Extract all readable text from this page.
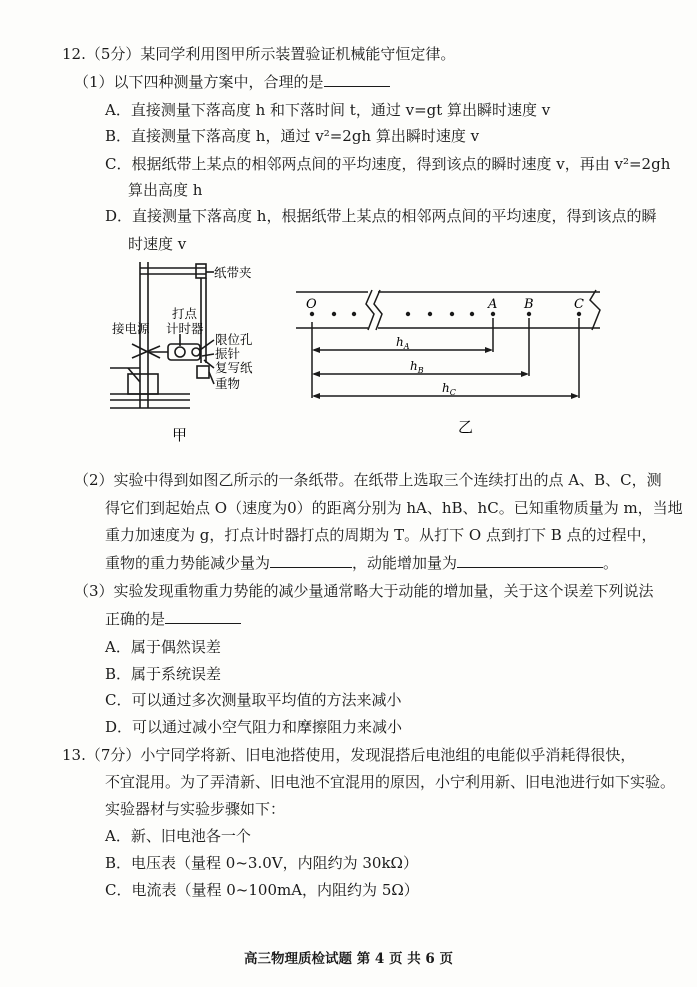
12.（5分）某同学利用图甲所示装置验证机械能守恒定律。
（1）以下四种测量方案中，合理的是
A．直接测量下落高度 h 和下落时间 t，通过 v=gt 算出瞬时速度 v
B．直接测量下落高度 h，通过 v²=2gh 算出瞬时速度 v
C．根据纸带上某点的相邻两点间的平均速度，得到该点的瞬时速度 v，再由 v²=2gh
算出高度 h
D．直接测量下落高度 h，根据纸带上某点的相邻两点间的平均速度，得到该点的瞬
时速度 v
纸带夹
打点
计时器
接电源
限位孔
振针
复写纸
重物
甲
O	A B	C
$h_A$
$h_B$
$h_C$
乙
（2）实验中得到如图乙所示的一条纸带。在纸带上选取三个连续打出的点 A、B、C，测
得它们到起始点 O（速度为0）的距离分别为 hA、hB、hC。已知重物质量为 m，当地
重力加速度为 g，打点计时器打点的周期为 T。从打下 O 点到打下 B 点的过程中，
重物的重力势能减少量为	，动能增加量为	。
（3）实验发现重物重力势能的减少量通常略大于动能的增加量，关于这个误差下列说法
正确的是
A．属于偶然误差
B．属于系统误差
C．可以通过多次测量取平均值的方法来减小
D．可以通过减小空气阻力和摩擦阻力来减小
13.（7分）小宁同学将新、旧电池搭使用，发现混搭后电池组的电能似乎消耗得很快，
不宜混用。为了弄清新、旧电池不宜混用的原因，小宁利用新、旧电池进行如下实验。
实验器材与实验步骤如下：
A．新、旧电池各一个
B．电压表（量程 0~3.0V，内阻约为 30kΩ）
C．电流表（量程 0~100mA，内阻约为 5Ω）
高三物理质检试题 第 4 页 共 6 页
